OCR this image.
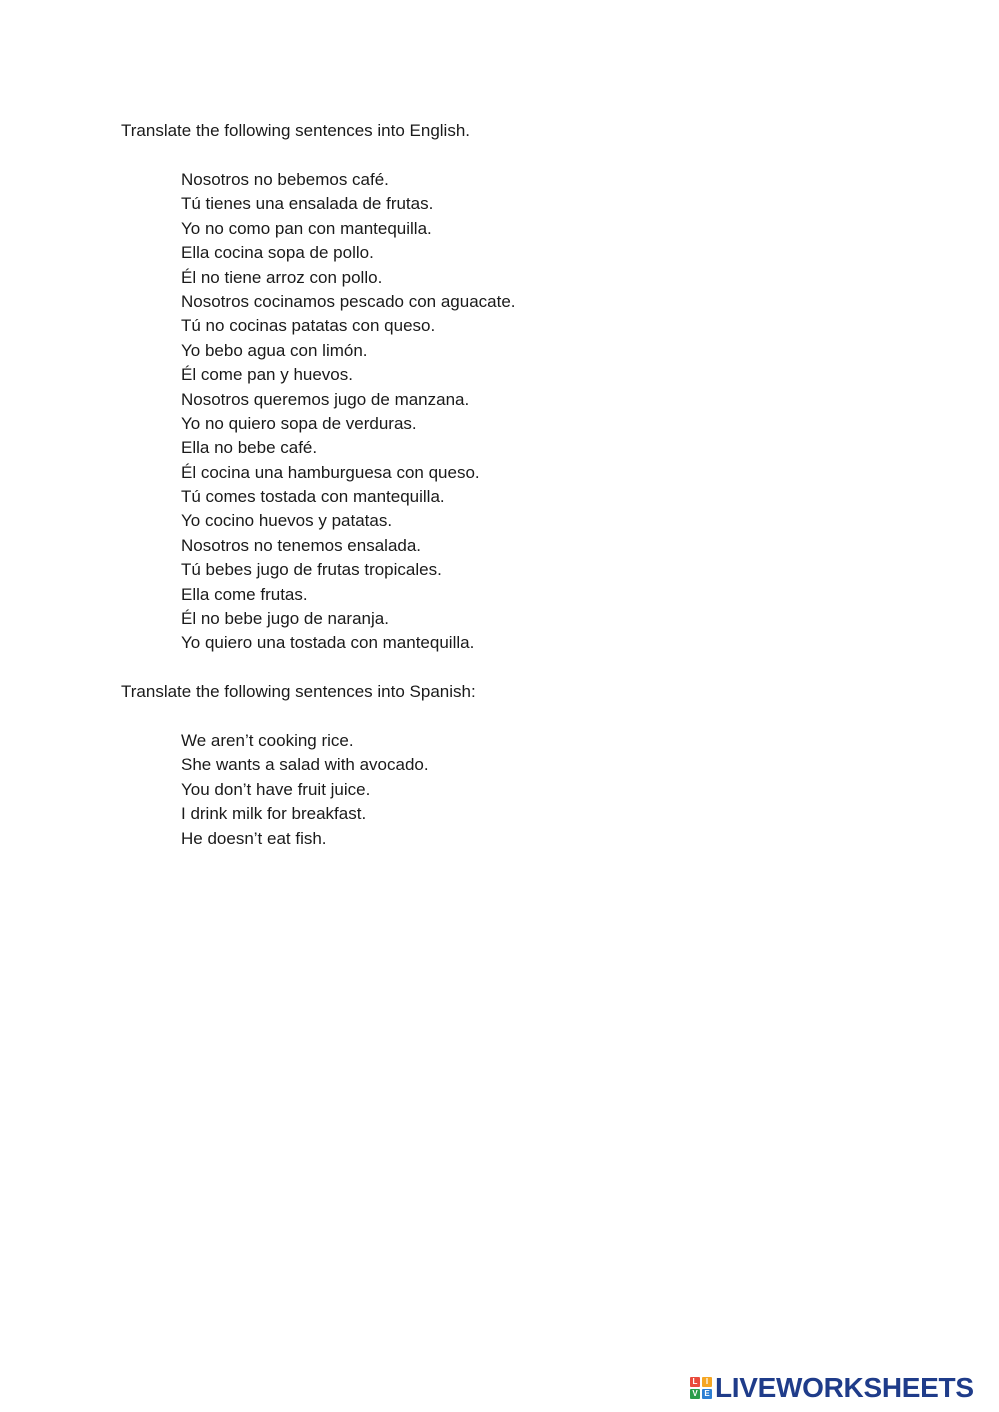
Translate the following sentences into English.

Nosotros no bebemos café.
Tú tienes una ensalada de frutas.
Yo no como pan con mantequilla.
Ella cocina sopa de pollo.
Él no tiene arroz con pollo.
Nosotros cocinamos pescado con aguacate.
Tú no cocinas patatas con queso.
Yo bebo agua con limón.
Él come pan y huevos.
Nosotros queremos jugo de manzana.
Yo no quiero sopa de verduras.
Ella no bebe café.
Él cocina una hamburguesa con queso.
Tú comes tostada con mantequilla.
Yo cocino huevos y patatas.
Nosotros no tenemos ensalada.
Tú bebes jugo de frutas tropicales.
Ella come frutas.
Él no bebe jugo de naranja.
Yo quiero una tostada con mantequilla.

Translate the following sentences into Spanish:

We aren’t cooking rice.
She wants a salad with avocado.
You don’t have fruit juice.
I drink milk for breakfast.
He doesn’t eat fish.
L	I
V E LIVEWORKSHEETS
